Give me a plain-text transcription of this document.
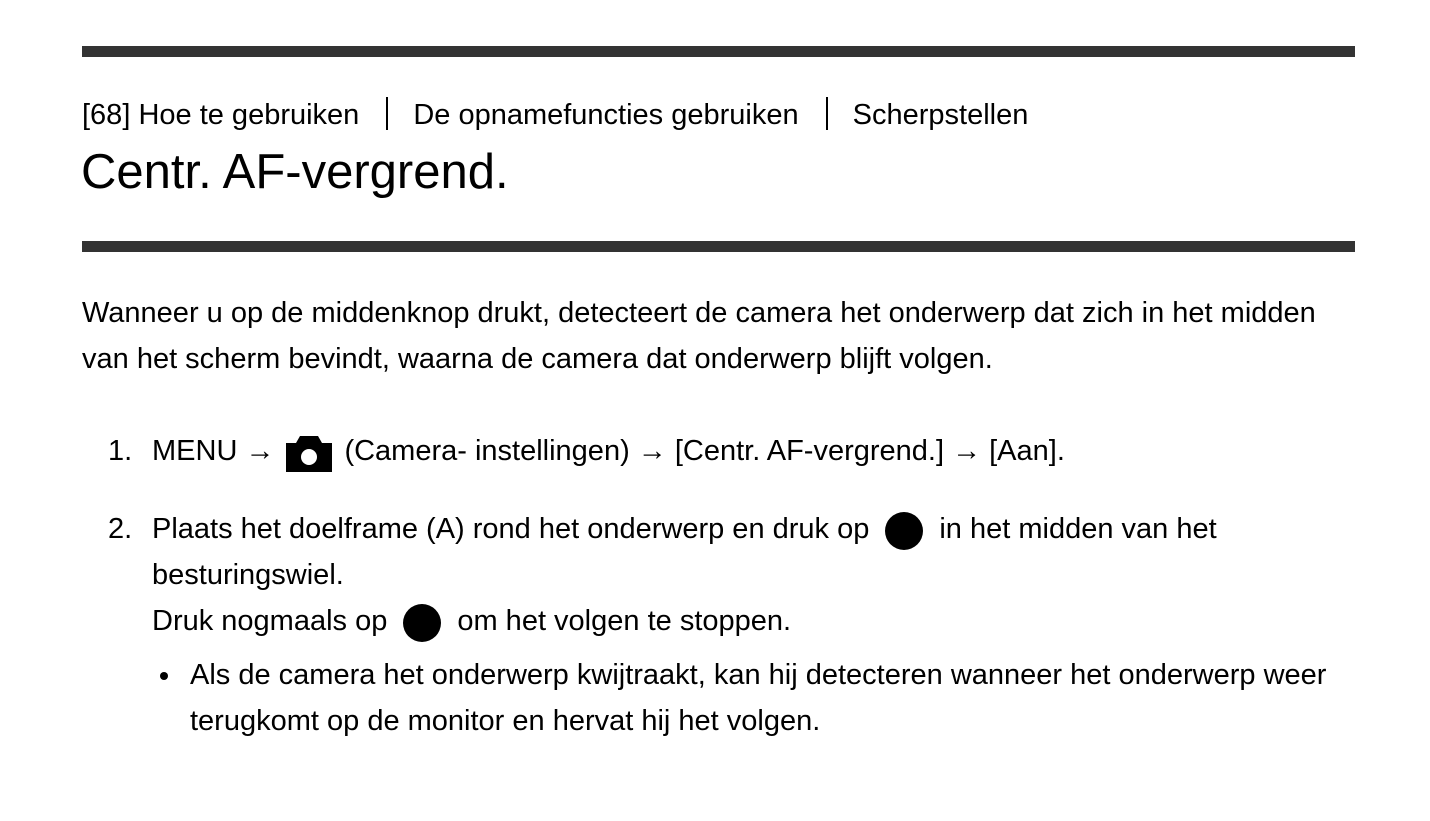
[68] Hoe te gebruiken De opnamefuncties gebruiken Scherpstellen
Centr. AF-vergrend.

Wanneer u op de middenknop drukt, detecteert de camera het onderwerp dat zich in het midden van het scherm bevindt, waarna de camera dat onderwerp blijft volgen.

1. MENU → (Camera- instellingen) → [Centr. AF-vergrend.] → [Aan].
2. Plaats het doelframe (A) rond het onderwerp en druk op in het midden van het besturingswiel.
Druk nogmaals op om het volgen te stoppen.
Als de camera het onderwerp kwijtraakt, kan hij detecteren wanneer het onderwerp weer terugkomt op de monitor en hervat hij het volgen.
